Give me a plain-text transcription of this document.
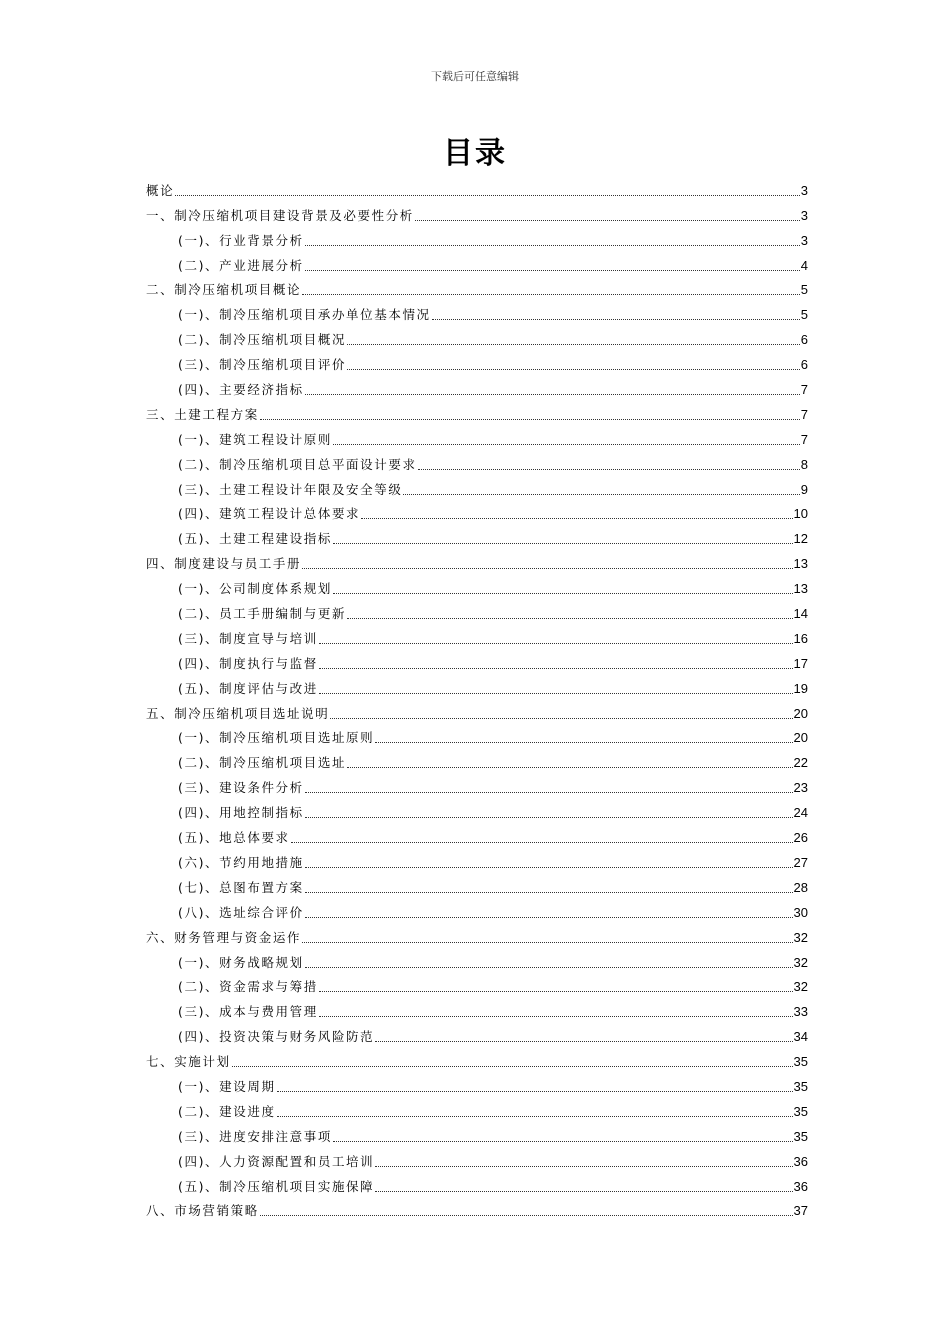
下载后可任意编辑
目录
概论	3
一、制冷压缩机项目建设背景及必要性分析	3
(一)、行业背景分析	3
(二)、产业进展分析	4
二、制冷压缩机项目概论	5
(一)、制冷压缩机项目承办单位基本情况	5
(二)、制冷压缩机项目概况	6
(三)、制冷压缩机项目评价	6
(四)、主要经济指标	7
三、土建工程方案	7
(一)、建筑工程设计原则	7
(二)、制冷压缩机项目总平面设计要求	8
(三)、土建工程设计年限及安全等级	9
(四)、建筑工程设计总体要求	10
(五)、土建工程建设指标	12
四、制度建设与员工手册	13
(一)、公司制度体系规划	13
(二)、员工手册编制与更新	14
(三)、制度宣导与培训	16
(四)、制度执行与监督	17
(五)、制度评估与改进	19
五、制冷压缩机项目选址说明	20
(一)、制冷压缩机项目选址原则	20
(二)、制冷压缩机项目选址	22
(三)、建设条件分析	23
(四)、用地控制指标	24
(五)、地总体要求	26
(六)、节约用地措施	27
(七)、总图布置方案	28
(八)、选址综合评价	30
六、财务管理与资金运作	32
(一)、财务战略规划	32
(二)、资金需求与筹措	32
(三)、成本与费用管理	33
(四)、投资决策与财务风险防范	34
七、实施计划	35
(一)、建设周期	35
(二)、建设进度	35
(三)、进度安排注意事项	35
(四)、人力资源配置和员工培训	36
(五)、制冷压缩机项目实施保障	36
八、市场营销策略	37
